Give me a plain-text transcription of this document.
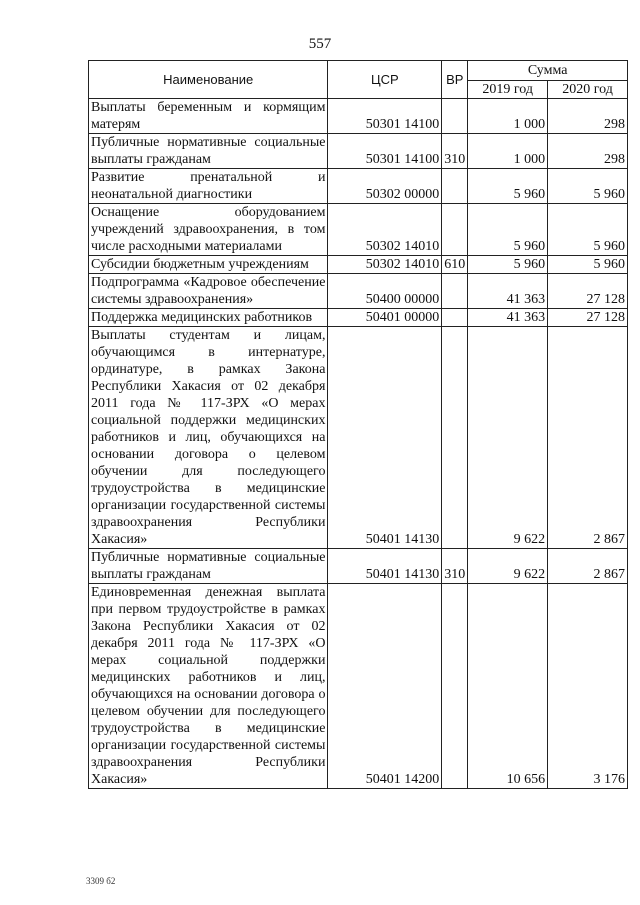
557
Наименование	ЦСР	ВР	Сумма	
			2019 год	2020 год
Выплаты беременным и кормящим матерям	50301 14100		1 000	298
Публичные нормативные социальные выплаты гражданам	50301 14100	310	1 000	298
Развитие пренатальной и неонатальной диагностики	50302 00000		5 960	5 960
Оснащение оборудованием учреждений здравоохранения, в том числе расходными материалами	50302 14010		5 960	5 960
Субсидии бюджетным учреждениям	50302 14010	610	5 960	5 960
Подпрограмма «Кадровое обеспечение системы здравоохранения»	50400 00000		41 363	27 128
Поддержка медицинских работников	50401 00000		41 363	27 128
Выплаты студентам и лицам, обучающимся в интернатуре, ординатуре, в рамках Закона Республики Хакасия от 02 декабря 2011 года № 117-ЗРХ «О мерах социальной поддержки медицинских работников и лиц, обучающихся на основании договора о целевом обучении для последующего трудоустройства в медицинские организации государственной системы здравоохранения Республики Хакасия»	50401 14130		9 622	2 867
Публичные нормативные социальные выплаты гражданам	50401 14130	310	9 622	2 867
Единовременная денежная выплата при первом трудоустройстве в рамках Закона Республики Хакасия от 02 декабря 2011 года № 117-ЗРХ «О мерах социальной поддержки медицинских работников и лиц, обучающихся на основании договора о целевом обучении для последующего трудоустройства в медицинские организации государственной системы здравоохранения Республики Хакасия»	50401 14200		10 656	3 176
3309 б2
